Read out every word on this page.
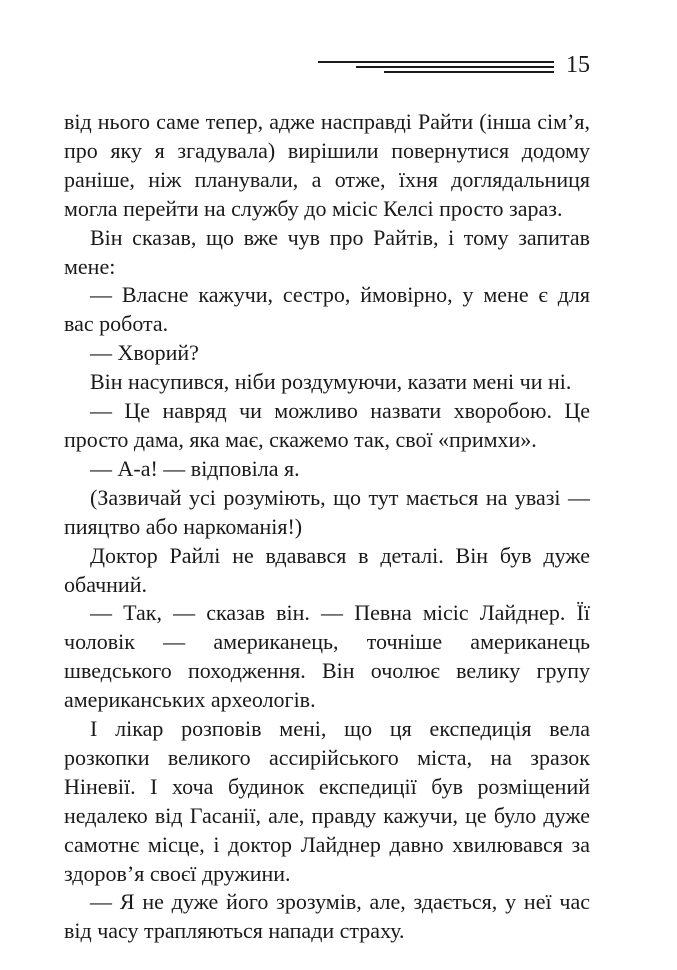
15

від нього саме тепер, адже насправді Райти (інша сім’я, про яку я згадувала) вирішили повернутися додому раніше, ніж планували, а отже, їхня доглядальниця могла перейти на службу до місіс Келсі просто зараз.

Він сказав, що вже чув про Райтів, і тому запитав мене:

— Власне кажучи, сестро, ймовірно, у мене є для вас робота.

— Хворий?

Він насупився, ніби роздумуючи, казати мені чи ні.

— Це навряд чи можливо назвати хворобою. Це просто дама, яка має, скажемо так, свої «примхи».

— А-а! — відповіла я.

(Зазвичай усі розуміють, що тут мається на увазі — пияцтво або наркоманія!)

Доктор Райлі не вдавався в деталі. Він був дуже обачний.

— Так, — сказав він. — Певна місіс Лайднер. Її чоловік — американець, точніше американець шведського походження. Він очолює велику групу американських археологів.

І лікар розповів мені, що ця експедиція вела розкопки великого ассирійського міста, на зразок Ніневії. І хоча будинок експедиції був розміщений недалеко від Гасанії, але, правду кажучи, це було дуже самотнє місце, і доктор Лайднер давно хвилювався за здоров’я своєї дружини.

— Я не дуже його зрозумів, але, здається, у неї час від часу трапляються напади страху.
